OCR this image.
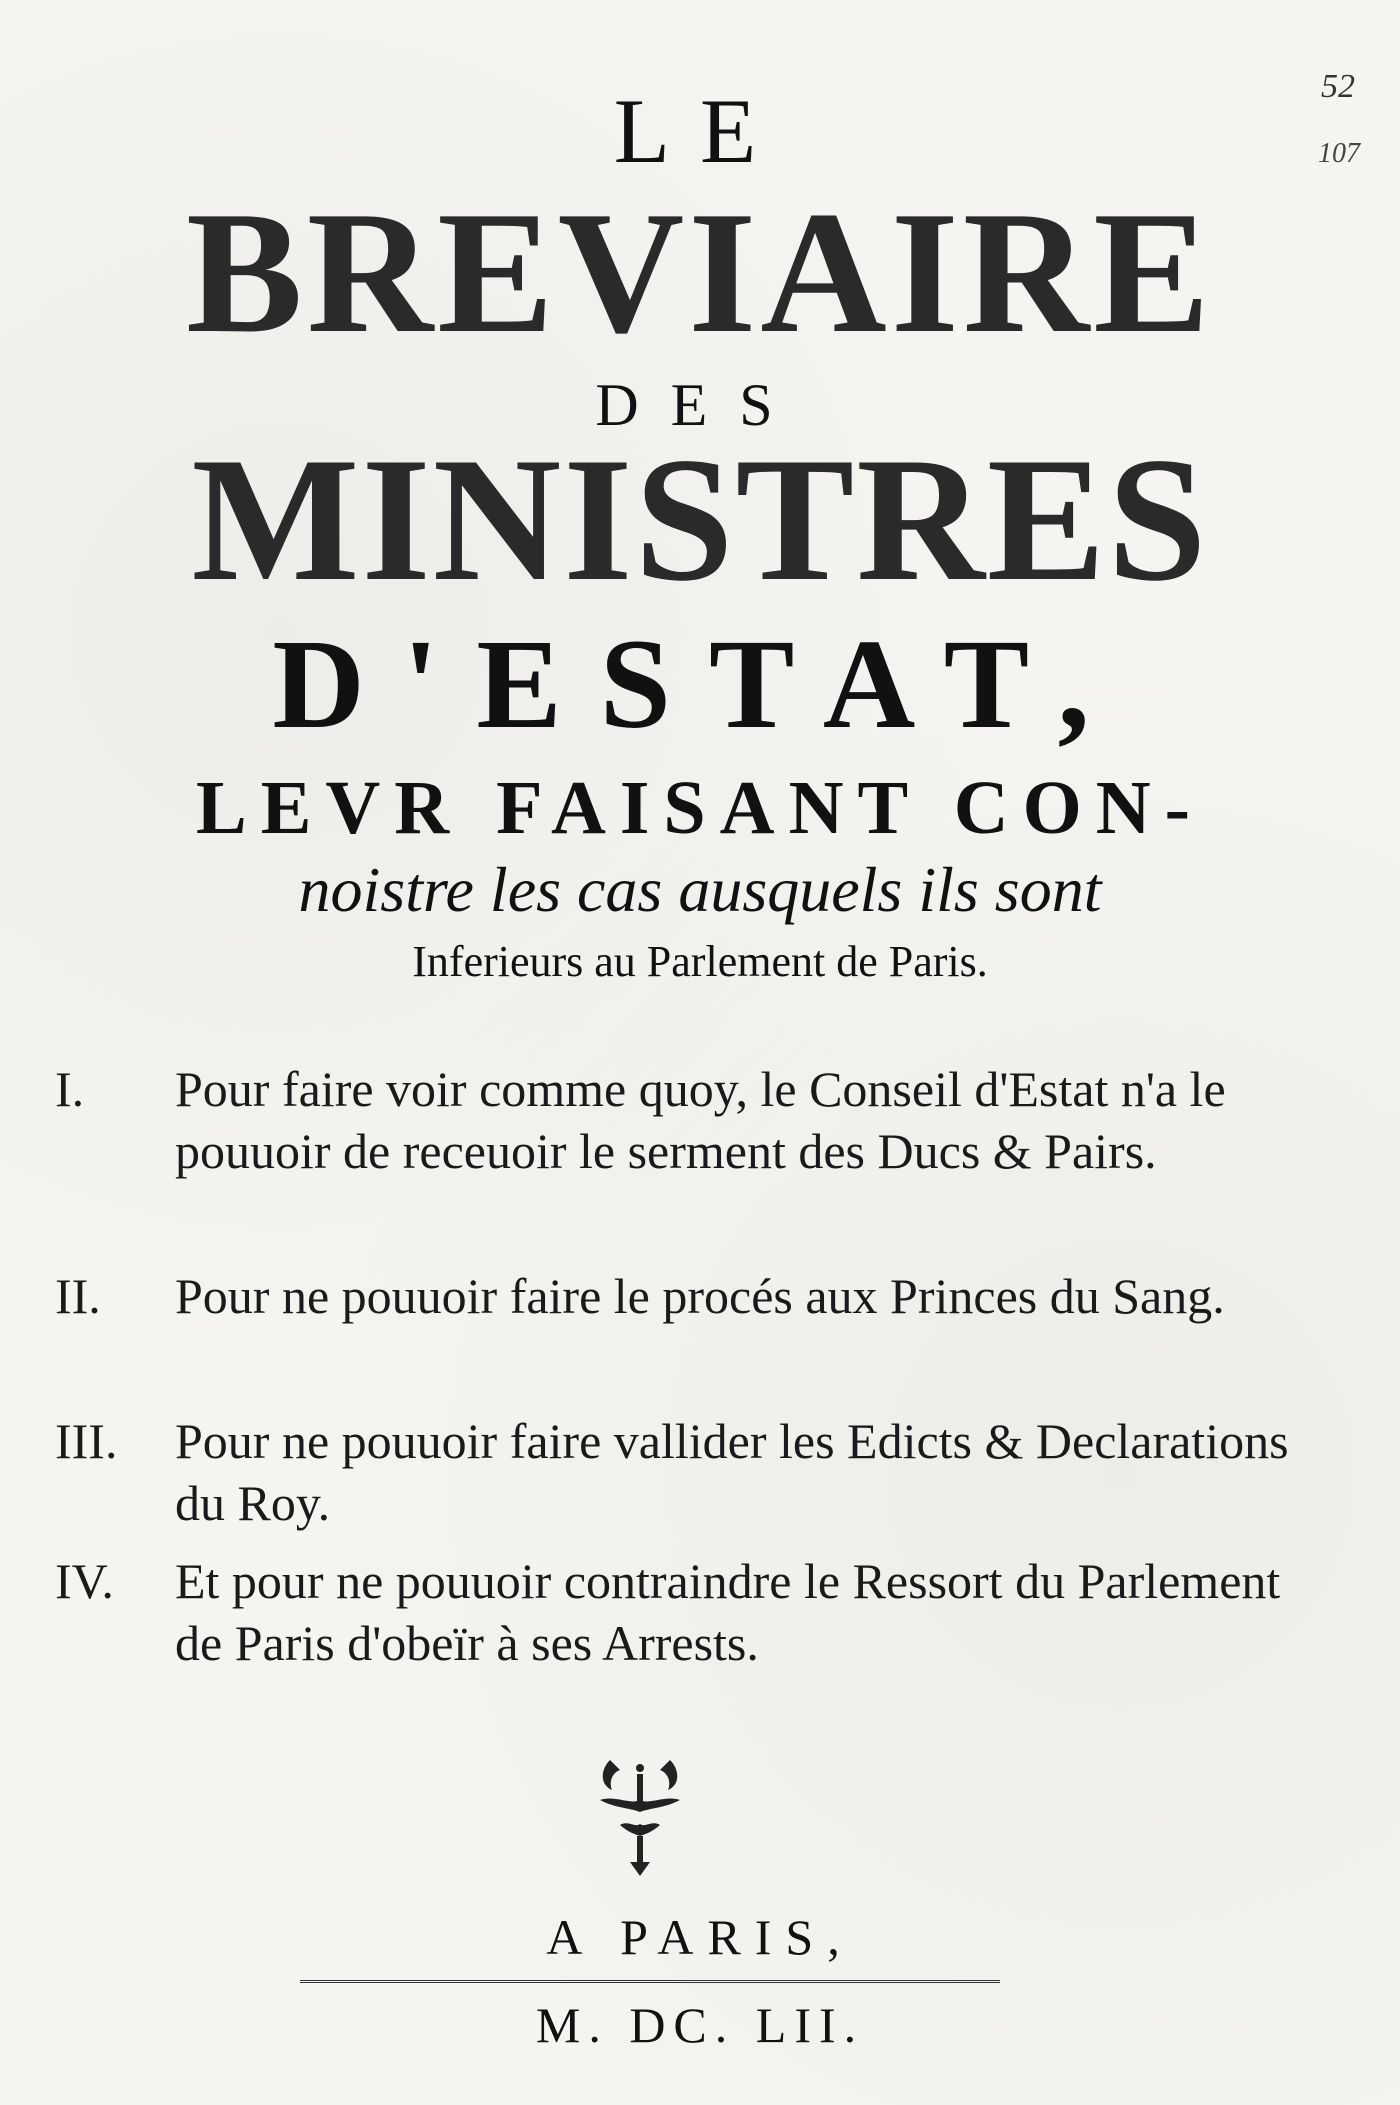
52
107
LE
BREVIAIRE
DES
MINISTRES
D'ESTAT,
LEVR FAISANT CON-
noistre les cas ausquels ils sont
Inferieurs au Parlement de Paris.
I.	Pour faire voir comme quoy, le Conseil d'Estat n'a le pouuoir de receuoir le serment des Ducs & Pairs.
II.	Pour ne pouuoir faire le procés aux Princes du Sang.
III.	Pour ne pouuoir faire vallider les Edicts & Declarations du Roy.
IV.	Et pour ne pouuoir contraindre le Ressort du Parlement de Paris d'obeïr à ses Arrests.
A PARIS,
M. DC. LII.
